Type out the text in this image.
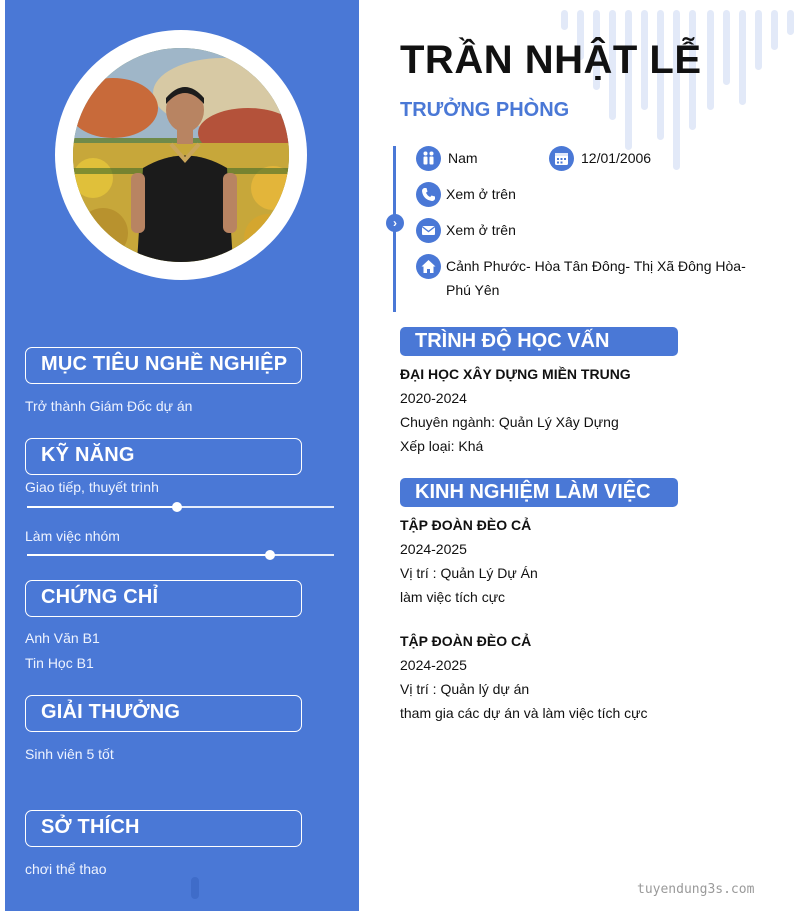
MỤC TIÊU NGHỀ NGHIỆP
Trở thành Giám Đốc dự án
KỸ NĂNG
Giao tiếp, thuyết trình
Làm việc nhóm
CHỨNG CHỈ
Anh Văn B1
Tin Học B1
GIẢI THƯỞNG
Sinh viên 5 tốt
SỞ THÍCH
chơi thể thao
TRẦN NHẬT LỄ
TRƯỞNG PHÒNG
›
Nam	12/01/2006
Xem ở trên
Xem ở trên
Cảnh Phước- Hòa Tân Đông- Thị Xã Đông Hòa-
Phú Yên
TRÌNH ĐỘ HỌC VẤN
ĐẠI HỌC XÂY DỰNG MIỀN TRUNG
2020-2024
Chuyên ngành: Quản Lý Xây Dựng
Xếp loại: Khá
KINH NGHIỆM LÀM VIỆC
TẬP ĐOÀN ĐÈO CẢ
2024-2025
Vị trí : Quản Lý Dự Án
làm việc tích cực
TẬP ĐOÀN ĐÈO CẢ
2024-2025
Vị trí : Quản lý dự án
tham gia các dự án và làm việc tích cực
tuyendung3s.com
